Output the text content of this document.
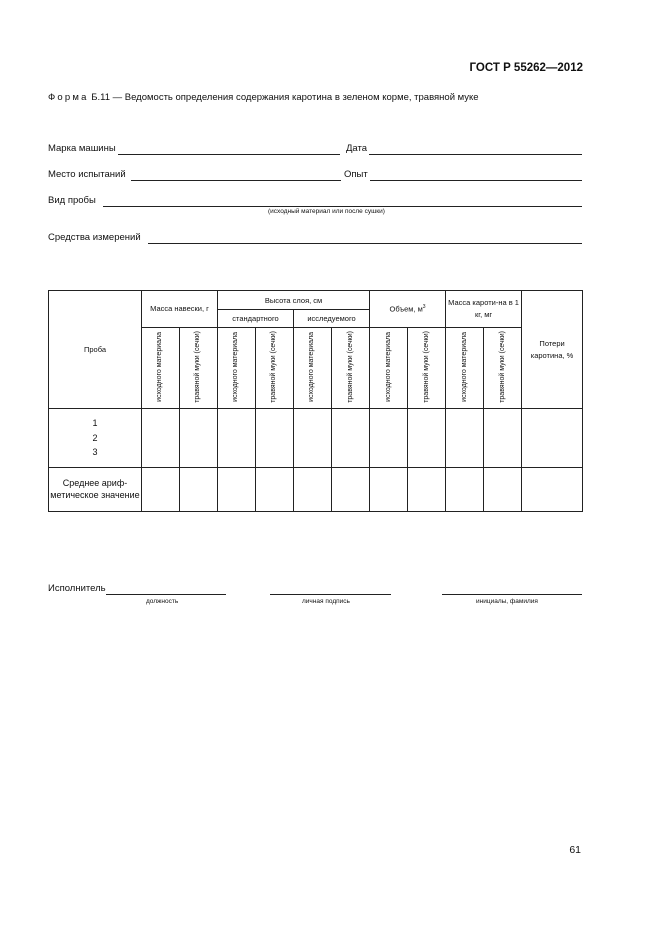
ГОСТ Р 55262—2012
Форма Б.11 — Ведомость определения содержания каротина в зеленом корме, травяной муке
Марка машины	Дата
Место испытаний	Опыт
Вид пробы
(исходный материал или после сушки)
Средства измерений
Проба	Масса навески, г		Высота слоя, см				Объем, $м^3$		Масса кароти-на в 1 кг, мг		Потери каротина, %
			стандартного		исследуемого						
	исходного материала	травяной муки (сечки)	исходного материала	травяной муки (сечки)	исходного материала	травяной муки (сечки)	исходного материала	травяной муки (сечки)	исходного материала	травяной муки (сечки)	

1
2
3											

Среднее ариф-метическое значение											
Исполнитель
должность	личная подпись	инициалы, фамилия
61
